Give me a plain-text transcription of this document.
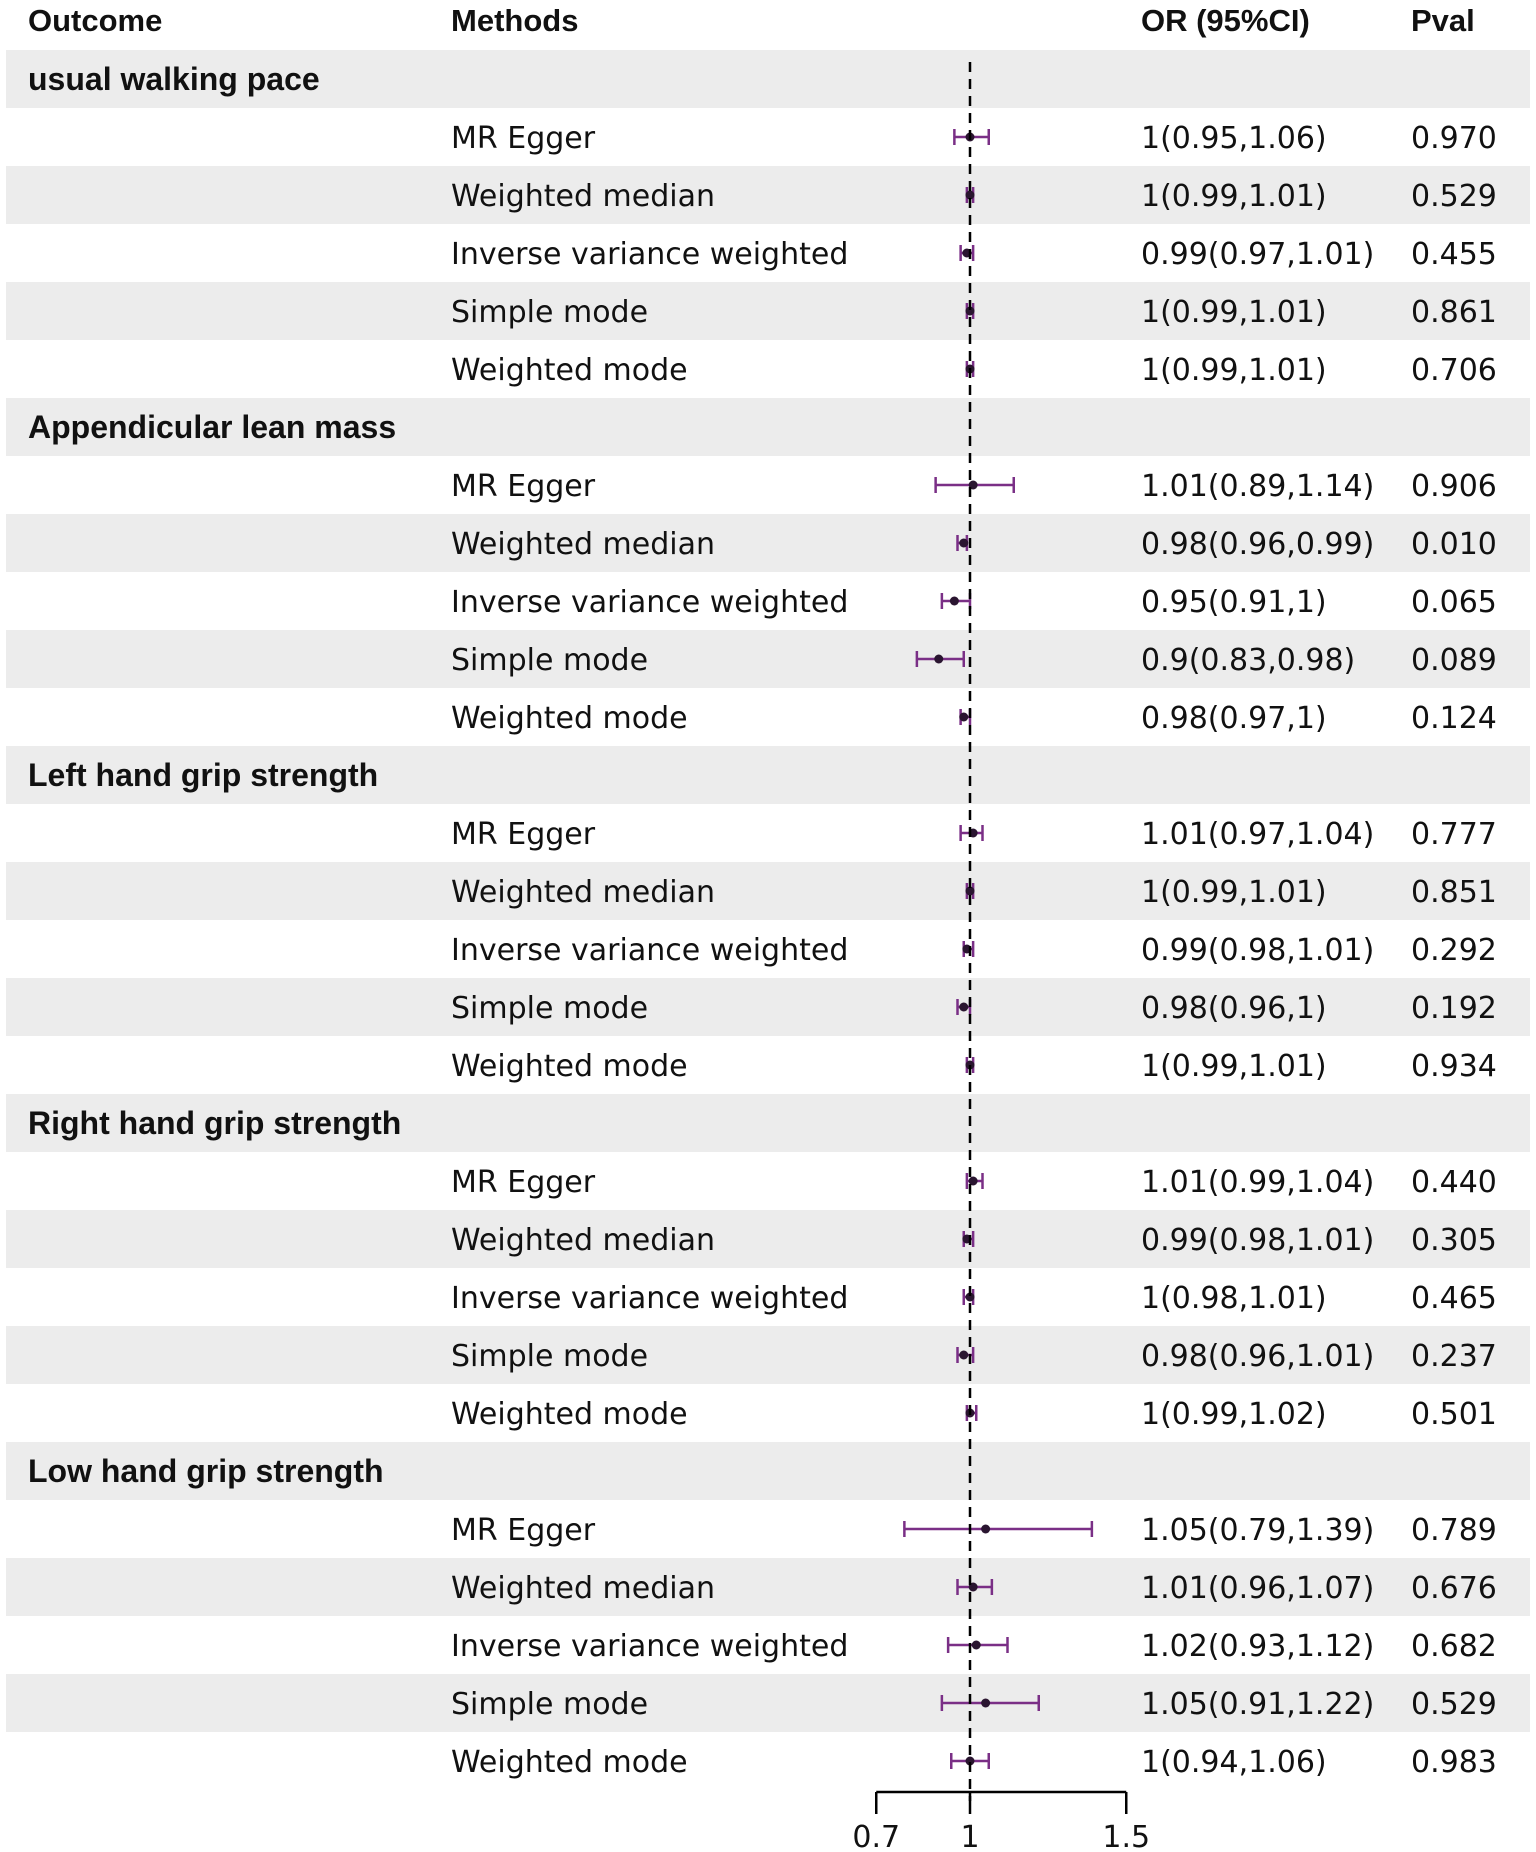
Outcome	Methods	OR (95%CI)	Pval
usual walking pace
MR Egger	1(0.95,1.06)	0.970
Weighted median	1(0.99,1.01)	0.529
Inverse variance weighted	0.99(0.97,1.01) 0.455
Simple mode	1(0.99,1.01)	0.861
Weighted mode	1(0.99,1.01)	0.706
Appendicular lean mass
MR Egger	1.01(0.89,1.14) 0.906
Weighted median	0.98(0.96,0.99) 0.010
Inverse variance weighted	0.95(0.91,1)	0.065
Simple mode	0.9(0.83,0.98) 0.089
Weighted mode	0.98(0.97,1)	0.124
Left hand grip strength
MR Egger	1.01(0.97,1.04) 0.777
Weighted median	1(0.99,1.01)	0.851
Inverse variance weighted	0.99(0.98,1.01) 0.292
Simple mode	0.98(0.96,1)	0.192
Weighted mode	1(0.99,1.01)	0.934
Right hand grip strength
MR Egger	1.01(0.99,1.04) 0.440
Weighted median	0.99(0.98,1.01) 0.305
Inverse variance weighted	1(0.98,1.01)	0.465
Simple mode	0.98(0.96,1.01) 0.237
Weighted mode	1(0.99,1.02)	0.501
Low hand grip strength
MR Egger	1.05(0.79,1.39) 0.789
Weighted median	1.01(0.96,1.07) 0.676
Inverse variance weighted	1.02(0.93,1.12) 0.682
Simple mode	1.05(0.91,1.22) 0.529
Weighted mode	1(0.94,1.06)	0.983
0.7 1	1.5
